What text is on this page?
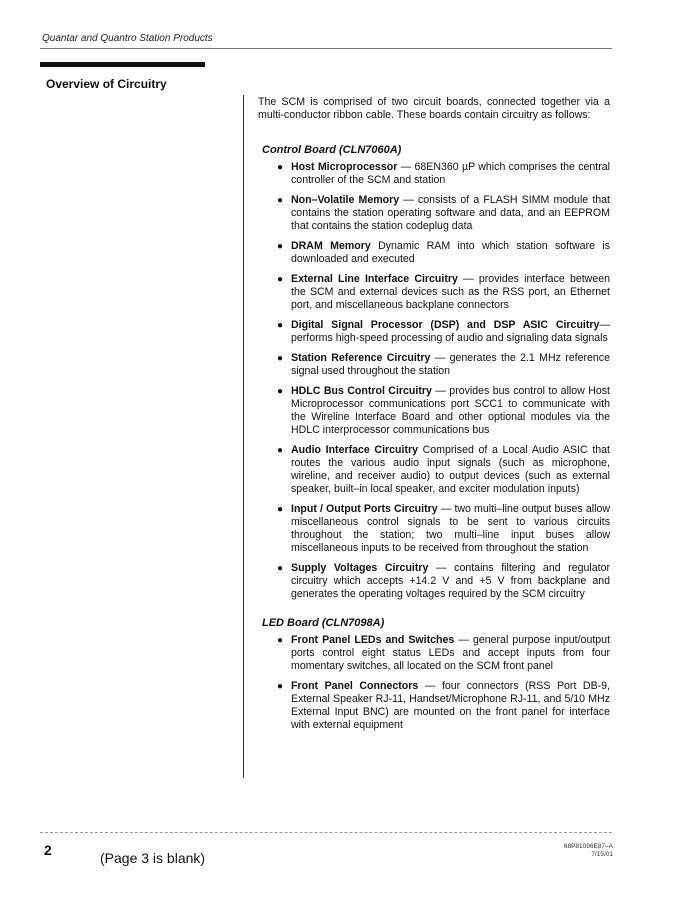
Quantar and Quantro Station Products
Overview of Circuitry

The SCM is comprised of two circuit boards, connected together via a multi-conductor ribbon cable. These boards contain circuitry as follows:

Control Board (CLN7060A)
● Host Microprocessor — 68EN360 µP which comprises the central controller of the SCM and station
● Non–Volatile Memory — consists of a FLASH SIMM module that contains the station operating software and data, and an EEPROM that contains the station codeplug data
● DRAM Memory Dynamic RAM into which station software is downloaded and executed
● External Line Interface Circuitry — provides interface between the SCM and external devices such as the RSS port, an Ethernet port, and miscellaneous backplane connectors
● Digital Signal Processor (DSP) and DSP ASIC Circuitry— performs high-speed processing of audio and signaling data signals
● Station Reference Circuitry — generates the 2.1 MHz reference signal used throughout the station
● HDLC Bus Control Circuitry — provides bus control to allow Host Microprocessor communications port SCC1 to communicate with the Wireline Interface Board and other optional modules via the HDLC interprocessor communications bus
● Audio Interface Circuitry Comprised of a Local Audio ASIC that routes the various audio input signals (such as microphone, wireline, and receiver audio) to output devices (such as external speaker, built–in local speaker, and exciter modulation inputs)
● Input / Output Ports Circuitry — two multi–line output buses allow miscellaneous control signals to be sent to various circuits throughout the station; two multi–line input buses allow miscellaneous inputs to be received from throughout the station
● Supply Voltages Circuitry — contains filtering and regulator circuitry which accepts +14.2 V and +5 V from backplane and generates the operating voltages required by the SCM circuitry
LED Board (CLN7098A)
● Front Panel LEDs and Switches — general purpose input/output ports control eight status LEDs and accept inputs from four momentary switches, all located on the SCM front panel
● Front Panel Connectors — four connectors (RSS Port DB-9, External Speaker RJ-11, Handset/Microphone RJ-11, and 5/10 MHz External Input BNC) are mounted on the front panel for interface with external equipment
2	(Page 3 is blank)
68P81096E87–A
7/15/01
